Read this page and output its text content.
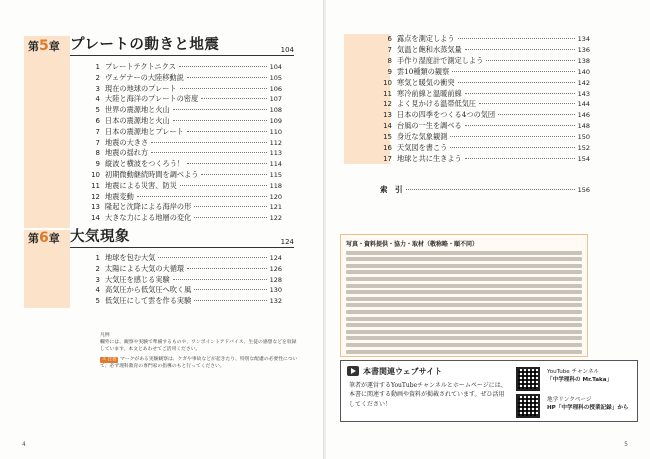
第5章 プレートの動きと地震	104
1 プレートテクトニクス	104
2 ヴェゲナーの大陸移動説	105
3 現在の地球のプレート	106
4 大陸と海洋のプレートの密度	107
5 世界の震源地と火山	108
6 日本の震源地と火山	109
7 日本の震源地とプレート	110
7 地震の大きさ	112
8 地震の揺れ方	113
9 縦波と横波をつくろう！	114
10 初期微動継続時間を調べよう	115
11 地震による災害、防災	118
12 地震変動	120
13 隆起と沈降による海岸の形	121
14 大きな力による地層の変化	122
第6章 大気現象	124
1 地球を包む大気	124
2 太陽による大気の大循環	126
3 大気圧を感じる実験	128
4 高気圧から低気圧へ吹く風	130
5 低気圧にして雲を作る実験	132
凡例
欄外には、観察や実験で準備するものや、ワンポイントアドバイス、生徒の感想などを収録しています。本文とあわせてご活用ください。
⚠ 注意 マークがある実験観察は、ケガや事故などが起きたり、特別な配慮の必要性について、必ず理科教育の専門家の指導のもと行ってください。
4
6 露点を測定しよう	134
7 気温と飽和水蒸気量	136
8 手作り湿度計で測定しよう	138
9 雲10種類の観察	140
10 寒気と暖気の衝突	142
11 寒冷前線と温暖前線	143
12 よく見かける温帯低気圧	144
13 日本の四季をつくる4つの気団	146
14 台風の一生を調べる	148
15 身近な気象観測	150
16 天気図を書こう	152
17 地球と共に生きよう	154
索　引	156
写真・資料提供・協力・取材（敬称略・順不同）
本書関連ウェブサイト
筆者が運営するYouTubeチャンネルとホームページには、本書に関連する動画や資料が掲載されています。ぜひ活用してください！
YouTube チャンネル
「中学理科の Mr.Taka」
地学リンクページ
HP「中学理科の授業記録」から
5
